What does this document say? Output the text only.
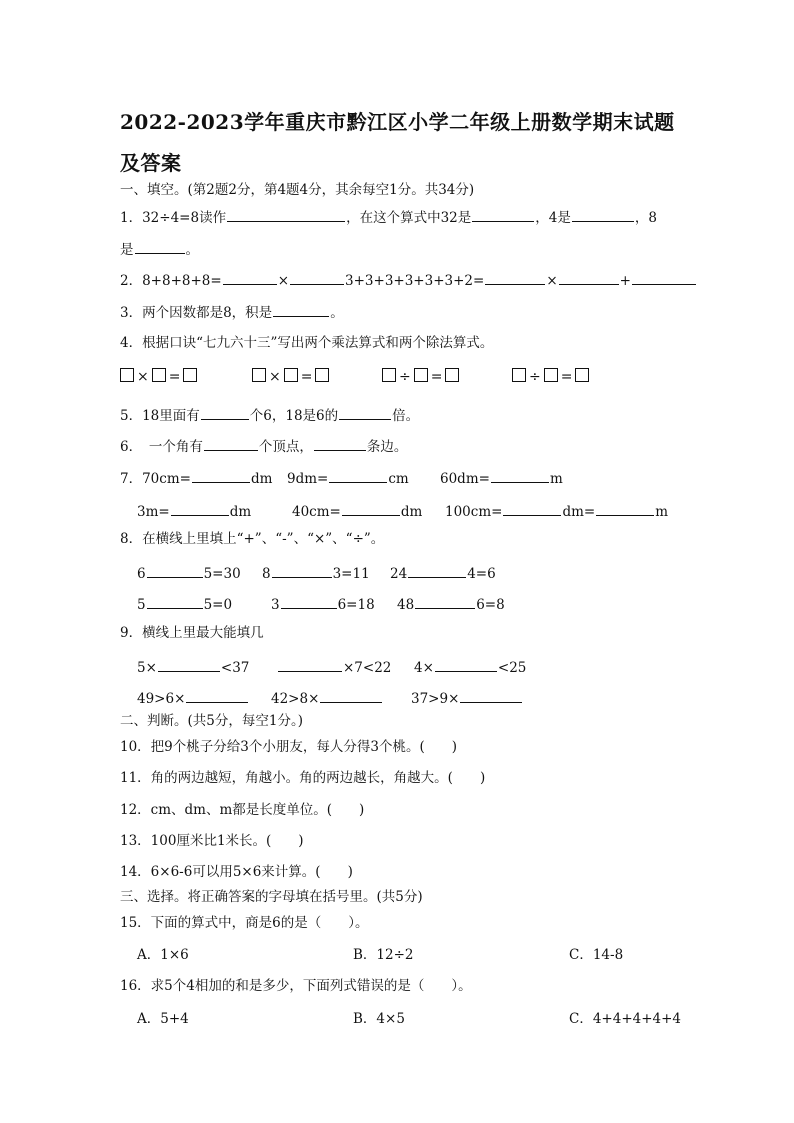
2022-2023学年重庆市黔江区小学二年级上册数学期末试题
及答案
一、填空。(第2题2分，第4题4分，其余每空1分。共34分)
1．32÷4=8读作	，在这个算式中32是	，4是	，8
是	。
2．8+8+8+8=	×	3+3+3+3+3+3+2=	×	+
3．两个因数都是8，积是	。
4．根据口诀“七九六十三”写出两个乘法算式和两个除法算式。
× =	× =	÷ =	÷ =
5．18里面有	个6，18是6的	倍。
6．　一个角有	个顶点，	条边。
7．70cm=	dm 9dm=	cm 60dm=	m
3m=	dm	40cm=	dm 100cm=	dm=	m
8．在横线上里填上“+”、“-”、“×”、“÷”。
6	5=30 8	3=11 24	4=6
5	5=0	3	6=18 48	6=8
9．横线上里最大能填几
5×	<37	×7<22 4×	<25
49>6×	42>8×	37>9×
二、判断。(共5分，每空1分。)
10．把9个桃子分给3个小朋友，每人分得3个桃。(　　)
11．角的两边越短，角越小。角的两边越长，角越大。(　　)
12．cm、dm、m都是长度单位。(　　)
13．100厘米比1米长。(　　)
14．6×6-6可以用5×6来计算。(　　)
三、选择。将正确答案的字母填在括号里。(共5分)
15．下面的算式中，商是6的是（　　）。
A．1×6	B．12÷2	C．14-8
16．求5个4相加的和是多少，下面列式错误的是（　　）。
A．5+4	B．4×5	C．4+4+4+4+4
